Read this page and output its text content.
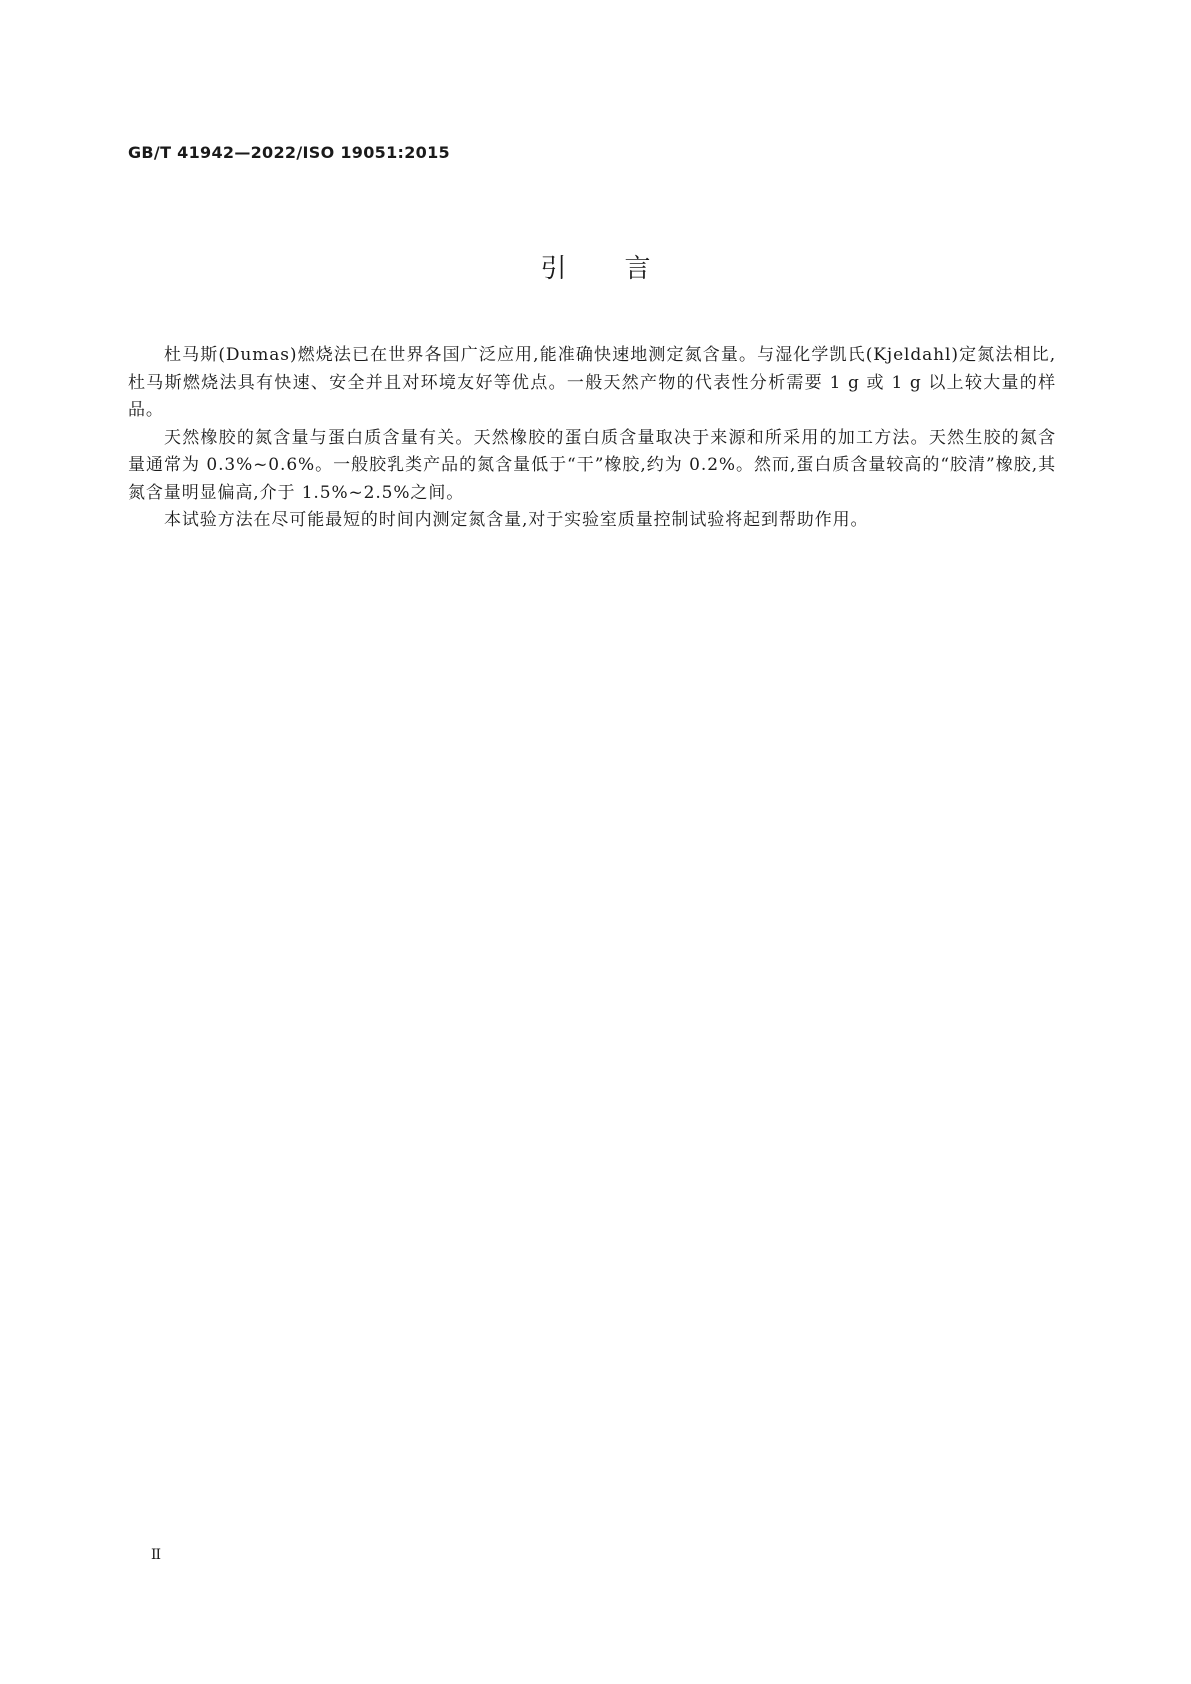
GB/T 41942—2022/ISO 19051:2015
引言

杜马斯(Dumas)燃烧法已在世界各国广泛应用,能准确快速地测定氮含量。与湿化学凯氏(Kjeldahl)定氮法相比,杜马斯燃烧法具有快速、安全并且对环境友好等优点。一般天然产物的代表性分析需要 1 g 或 1 g 以上较大量的样品。

天然橡胶的氮含量与蛋白质含量有关。天然橡胶的蛋白质含量取决于来源和所采用的加工方法。天然生胶的氮含量通常为 0.3%~0.6%。一般胶乳类产品的氮含量低于“干”橡胶,约为 0.2%。然而,蛋白质含量较高的“胶清”橡胶,其氮含量明显偏高,介于 1.5%~2.5%之间。

本试验方法在尽可能最短的时间内测定氮含量,对于实验室质量控制试验将起到帮助作用。

II
